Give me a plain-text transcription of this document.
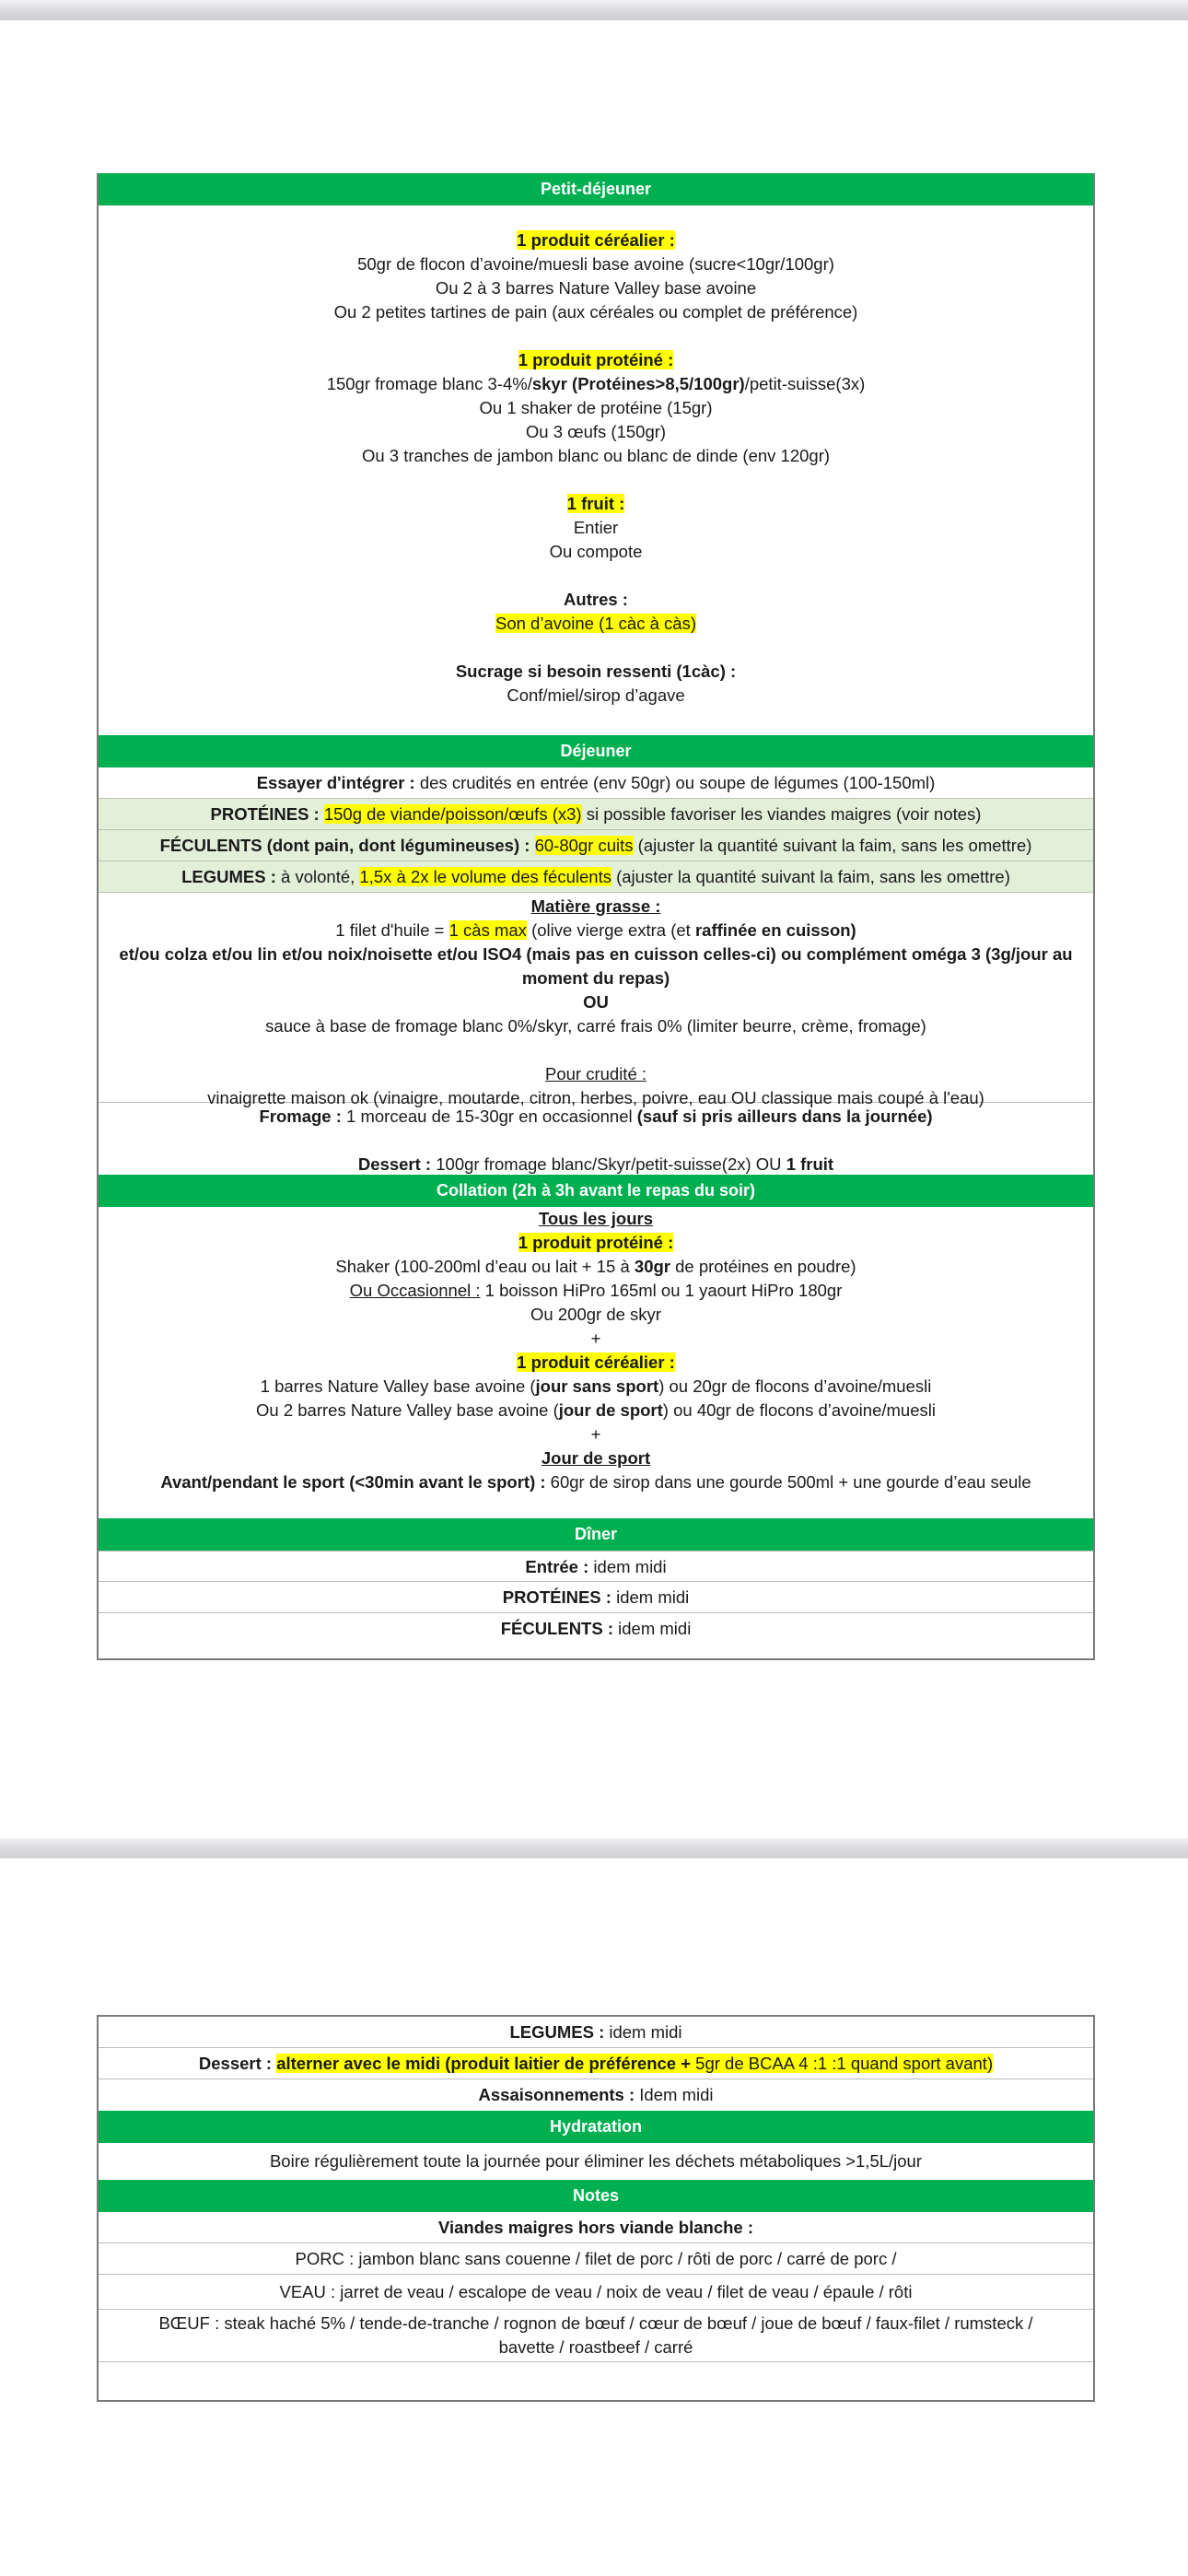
Petit-déjeuner
1 produit céréalier :
50gr de flocon d’avoine/muesli base avoine (sucre<10gr/100gr)
Ou 2 à 3 barres Nature Valley base avoine
Ou 2 petites tartines de pain (aux céréales ou complet de préférence)
1 produit protéiné :
150gr fromage blanc 3-4%/skyr (Protéines>8,5/100gr)/petit-suisse(3x)
Ou 1 shaker de protéine (15gr)
Ou 3 œufs (150gr)
Ou 3 tranches de jambon blanc ou blanc de dinde (env 120gr)
1 fruit :
Entier
Ou compote
Autres :
Son d’avoine (1 càc à càs)
Sucrage si besoin ressenti (1càc) :
Conf/miel/sirop d’agave
Déjeuner
Essayer d'intégrer : des crudités en entrée (env 50gr) ou soupe de légumes (100-150ml)
PROTÉINES : 150g de viande/poisson/œufs (x3) si possible favoriser les viandes maigres (voir notes)
FÉCULENTS (dont pain, dont légumineuses) : 60-80gr cuits (ajuster la quantité suivant la faim, sans les omettre)
LEGUMES : à volonté, 1,5x à 2x le volume des féculents (ajuster la quantité suivant la faim, sans les omettre)
Matière grasse :
1 filet d'huile = 1 càs max (olive vierge extra (et raffinée en cuisson)
et/ou colza et/ou lin et/ou noix/noisette et/ou ISO4 (mais pas en cuisson celles-ci) ou complément oméga 3 (3g/jour au
moment du repas)
OU
sauce à base de fromage blanc 0%/skyr, carré frais 0% (limiter beurre, crème, fromage)
Pour crudité :
vinaigrette maison ok (vinaigre, moutarde, citron, herbes, poivre, eau OU classique mais coupé à l'eau)
Fromage : 1 morceau de 15-30gr en occasionnel (sauf si pris ailleurs dans la journée)
Dessert : 100gr fromage blanc/Skyr/petit-suisse(2x) OU 1 fruit
Collation (2h à 3h avant le repas du soir)
Tous les jours
1 produit protéiné :
Shaker (100-200ml d’eau ou lait + 15 à 30gr de protéines en poudre)
Ou Occasionnel : 1 boisson HiPro 165ml ou 1 yaourt HiPro 180gr
Ou 200gr de skyr
+
1 produit céréalier :
1 barres Nature Valley base avoine (jour sans sport) ou 20gr de flocons d’avoine/muesli
Ou 2 barres Nature Valley base avoine (jour de sport) ou 40gr de flocons d’avoine/muesli
+
Jour de sport
Avant/pendant le sport (<30min avant le sport) : 60gr de sirop dans une gourde 500ml + une gourde d’eau seule
Dîner
Entrée : idem midi
PROTÉINES : idem midi
FÉCULENTS : idem midi
LEGUMES : idem midi
Dessert : alterner avec le midi (produit laitier de préférence + 5gr de BCAA 4 :1 :1 quand sport avant)
Assaisonnements : Idem midi
Hydratation
Boire régulièrement toute la journée pour éliminer les déchets métaboliques >1,5L/jour
Notes
Viandes maigres hors viande blanche :
PORC : jambon blanc sans couenne / filet de porc / rôti de porc / carré de porc /
VEAU : jarret de veau / escalope de veau / noix de veau / filet de veau / épaule / rôti
BŒUF : steak haché 5% / tende-de-tranche / rognon de bœuf / cœur de bœuf / joue de bœuf / faux-filet / rumsteck /
bavette / roastbeef / carré
